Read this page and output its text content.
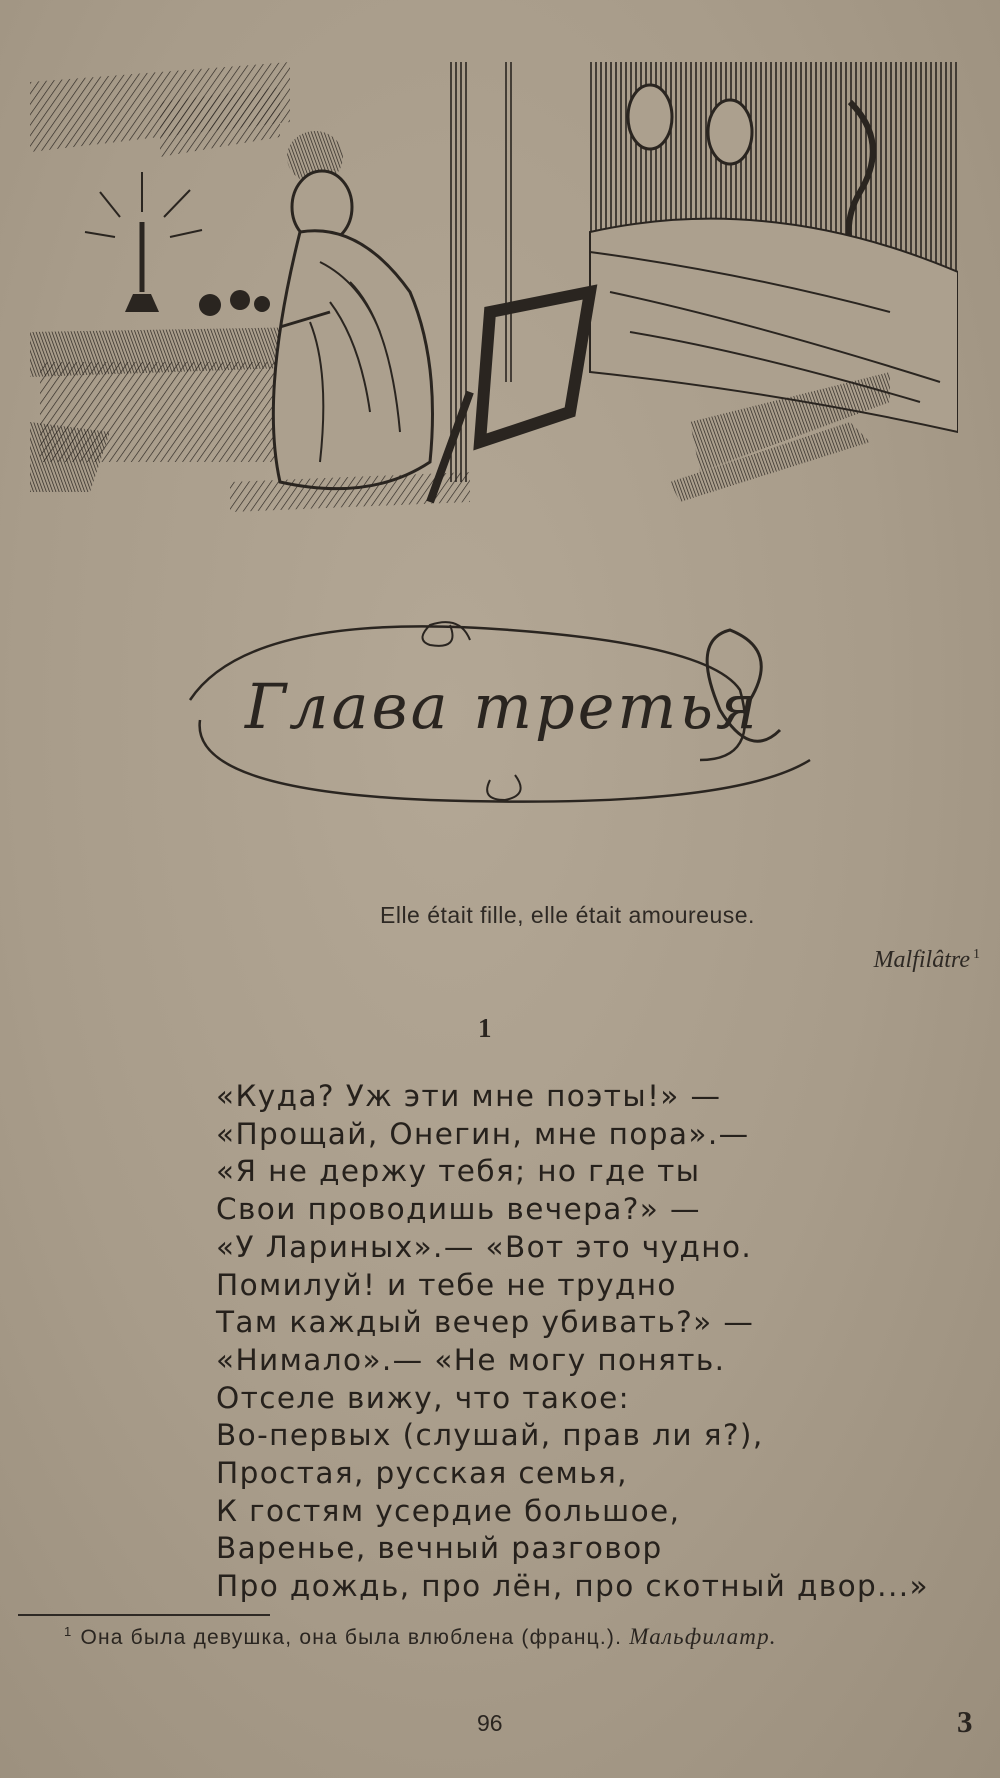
Глава третья
Elle était fille, elle était amoureuse.
Malfilâtre $^1$
1
«Куда? Уж эти мне поэты!» —
«Прощай, Онегин, мне пора».—
«Я не держу тебя; но где ты
Свои проводишь вечера?» —
«У Лариных».— «Вот это чудно.
Помилуй! и тебе не трудно
Там каждый вечер убивать?» —
«Нимало».— «Не могу понять.
Отселе вижу, что такое:
Во-первых (слушай, прав ли я?),
Простая, русская семья,
К гостям усердие большое,
Варенье, вечный разговор
Про дождь, про лён, про скотный двор...»
$^1$ Она была девушка, она была влюблена (франц.). Мальфилатр.
96	3
